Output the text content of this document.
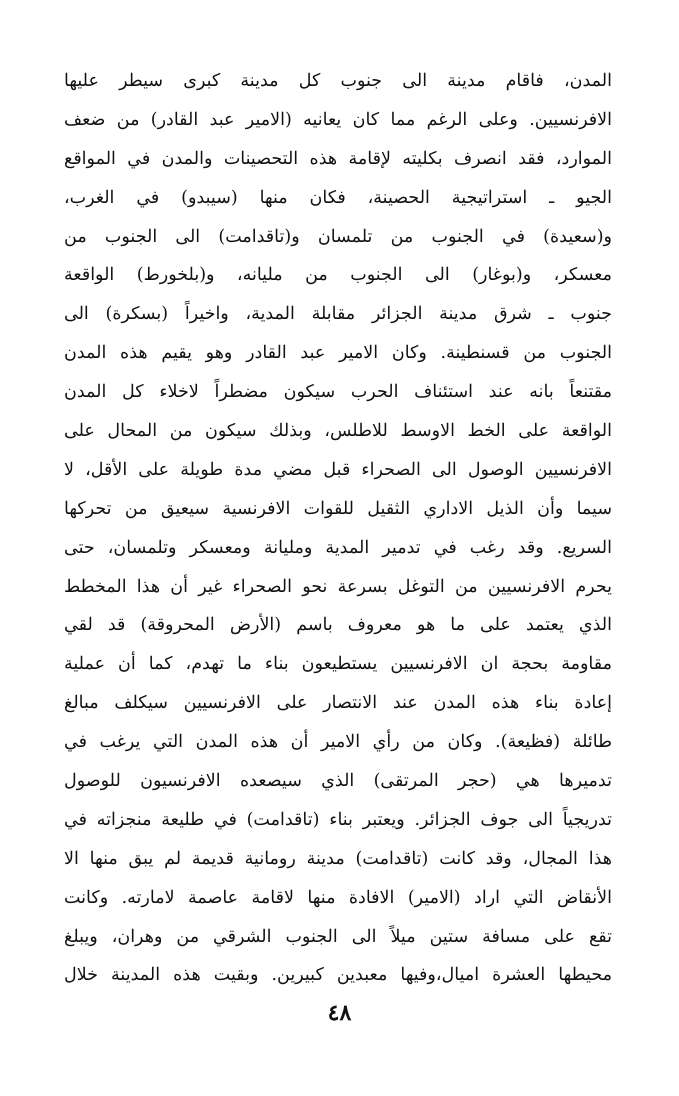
المدن، فاقام مدينة الى جنوب كل مدينة كبرى سيطر عليها
الافرنسيين. وعلى الرغم مما كان يعانيه (الامير عبد القادر) من ضعف
الموارد، فقد انصرف بكليته لإقامة هذه التحصينات والمدن في المواقع
الجيو ـ استراتيجية الحصينة، فكان منها (سيبدو) في الغرب،
و(سعيدة) في الجنوب من تلمسان و(تاقدامت) الى الجنوب من
معسكر، و(بوغار) الى الجنوب من مليانه، و(بلخورط) الواقعة
جنوب ـ شرق مدينة الجزائر مقابلة المدية، واخيراً (بسكرة) الى
الجنوب من قسنطينة. وكان الامير عبد القادر وهو يقيم هذه المدن
مقتنعاً بانه عند استئناف الحرب سيكون مضطراً لاخلاء كل المدن
الواقعة على الخط الاوسط للاطلس، وبذلك سيكون من المحال على
الافرنسيين الوصول الى الصحراء قبل مضي مدة طويلة على الأقل، لا
سيما وأن الذيل الاداري الثقيل للقوات الافرنسية سيعيق من تحركها
السريع. وقد رغب في تدمير المدية ومليانة ومعسكر وتلمسان، حتى
يحرم الافرنسيين من التوغل بسرعة نحو الصحراء غير أن هذا المخطط
الذي يعتمد على ما هو معروف باسم (الأرض المحروقة) قد لقي
مقاومة بحجة ان الافرنسيين يستطيعون بناء ما تهدم، كما أن عملية
إعادة بناء هذه المدن عند الانتصار على الافرنسيين سيكلف مبالغ
طائلة (فظيعة). وكان من رأي الامير أن هذه المدن التي يرغب في
تدميرها هي (حجر المرتقى) الذي سيصعده الافرنسيون للوصول
تدريجياً الى جوف الجزائر. ويعتبر بناء (تاقدامت) في طليعة منجزاته في
هذا المجال، وقد كانت (تاقدامت) مدينة رومانية قديمة لم يبق منها الا
الأنقاض التي اراد (الامير) الافادة منها لاقامة عاصمة لامارته. وكانت
تقع على مسافة ستين ميلاً الى الجنوب الشرقي من وهران، ويبلغ
محيطها العشرة اميال،وفيها معبدين كبيرين. وبقيت هذه المدينة خلال
٤٨
